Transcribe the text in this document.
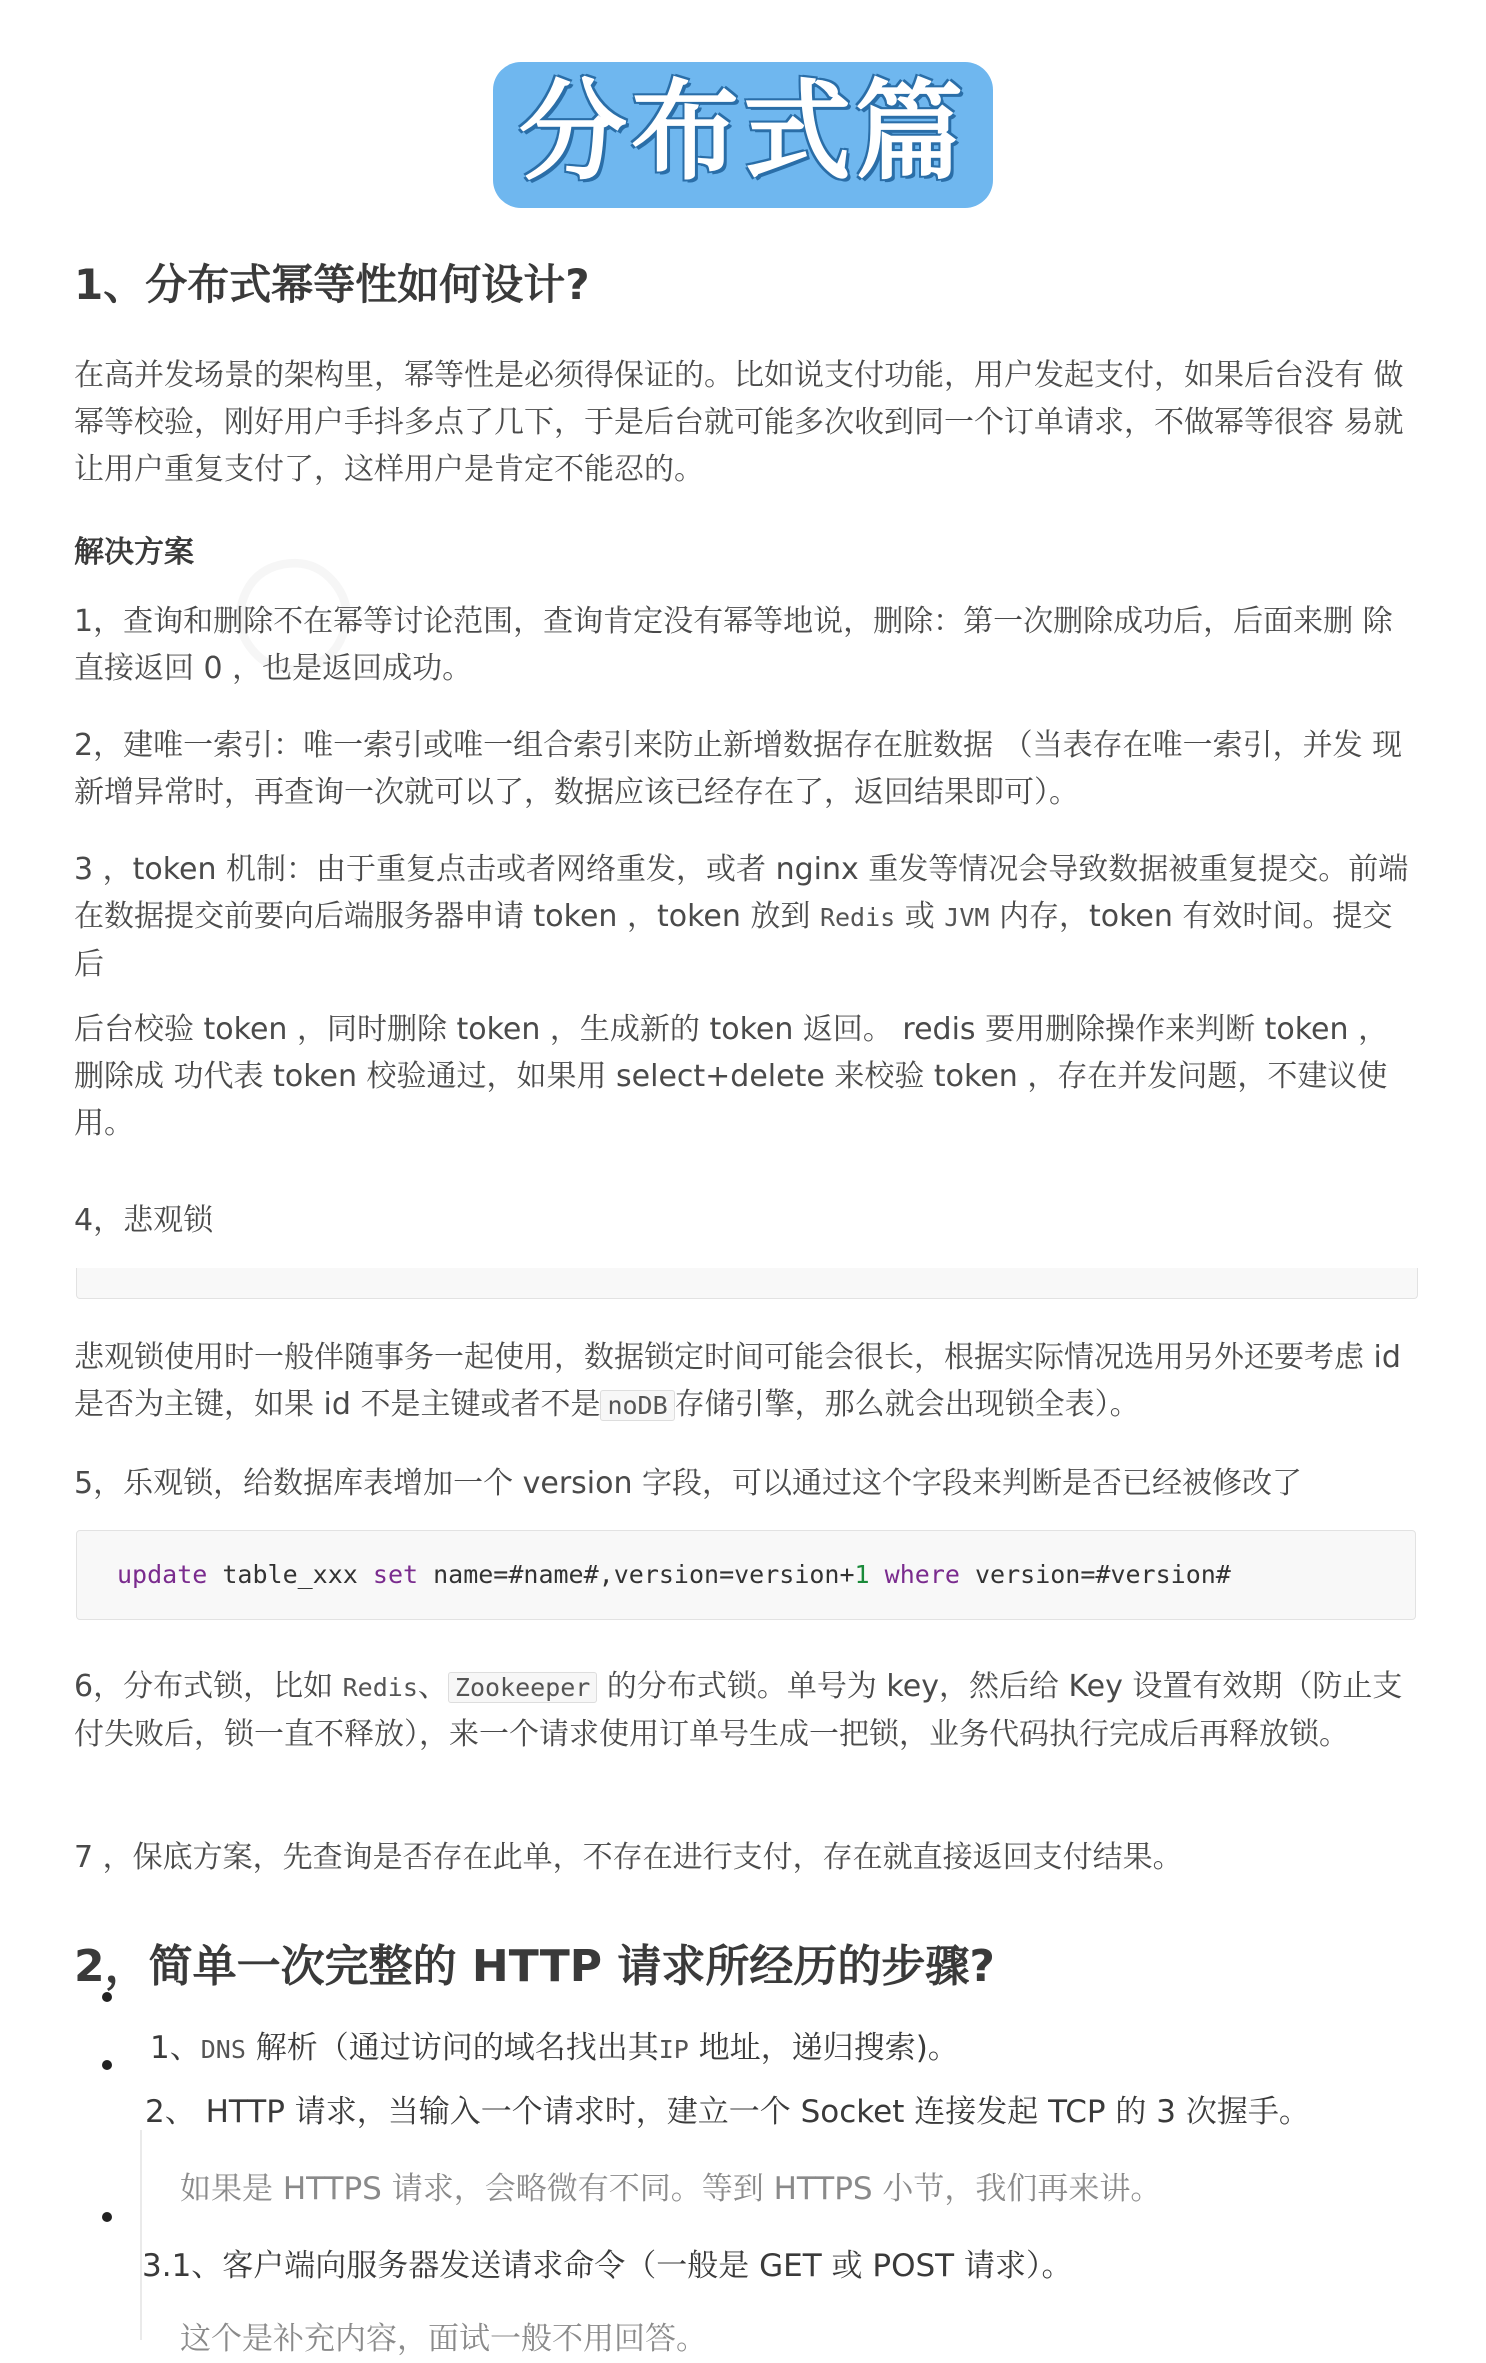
分布式篇
1、分布式幂等性如何设计?
在高并发场景的架构里，幂等性是必须得保证的。比如说支付功能，用户发起支付，如果后台没有 做幂等校验，刚好用户手抖多点了几下，于是后台就可能多次收到同一个订单请求，不做幂等很容 易就让用户重复支付了，这样用户是肯定不能忍的。
解决方案
1，查询和删除不在幂等讨论范围，查询肯定没有幂等地说，删除：第一次删除成功后，后面来删 除直接返回 0 ，也是返回成功。
2，建唯一索引：唯一索引或唯一组合索引来防止新增数据存在脏数据 （当表存在唯一索引，并发 现新增异常时，再查询一次就可以了，数据应该已经存在了，返回结果即可）。
3 ，token 机制：由于重复点击或者网络重发，或者 nginx 重发等情况会导致数据被重复提交。前端 在数据提交前要向后端服务器申请 token ，token 放到 Redis 或 JVM 内存，token 有效时间。提交后
后台校验 token ，同时删除 token ，生成新的 token 返回。 redis 要用删除操作来判断 token ，删除成 功代表 token 校验通过，如果用 select+delete 来校验 token ，存在并发问题，不建议使用。
4，悲观锁
悲观锁使用时一般伴随事务一起使用，数据锁定时间可能会很长，根据实际情况选用另外还要考虑 id 是否为主键，如果 id 不是主键或者不是 noDB 存储引擎，那么就会出现锁全表）。
5，乐观锁，给数据库表增加一个 version 字段，可以通过这个字段来判断是否已经被修改了
update table_xxx set name=#name#,version=version+1 where version=#version#
6，分布式锁，比如 Redis、 Zookeeper 的分布式锁。单号为 key，然后给 Key 设置有效期（防止支 付失败后，锁一直不释放），来一个请求使用订单号生成一把锁，业务代码执行完成后再释放锁。
7 ，保底方案，先查询是否存在此单，不存在进行支付，存在就直接返回支付结果。
2，简单一次完整的 HTTP 请求所经历的步骤?
1、DNS 解析（通过访问的域名找出其IP 地址，递归搜索)。
2、 HTTP 请求，当输入一个请求时，建立一个 Socket 连接发起 TCP 的 3 次握手。
如果是 HTTPS 请求，会略微有不同。等到 HTTPS 小节，我们再来讲。
3.1、客户端向服务器发送请求命令（一般是 GET 或 POST 请求）。
这个是补充内容，面试一般不用回答。
